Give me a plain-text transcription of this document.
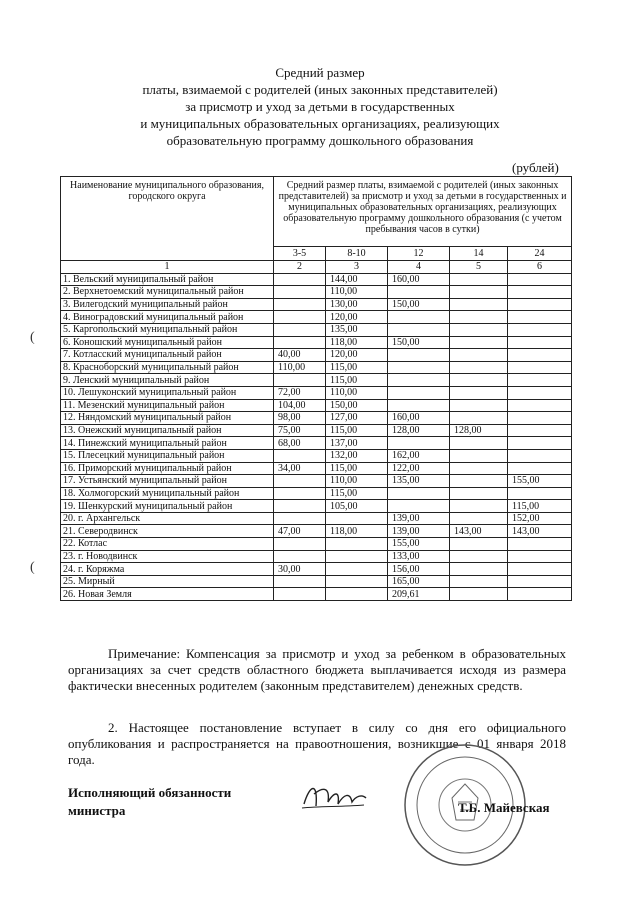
Средний размер
платы, взимаемой с родителей (иных законных представителей)
за присмотр и уход за детьми в государственных
и муниципальных образовательных организациях, реализующих
образовательную программу дошкольного образования
(рублей)
(
(
Наименование муниципального образования, городского округа	Средний размер платы, взимаемой с родителей (иных законных представителей) за присмотр и уход за детьми в государственных и муниципальных образовательных организациях, реализующих образовательную программу дошкольного образования (с учетом пребывания часов в сутки)				
	3-5	8-10	12	14	24
1	2	3	4	5	6
1. Вельский муниципальный район		144,00	160,00		
2. Верхнетоемский муниципальный район		110,00			
3. Вилегодский муниципальный район		130,00	150,00		
4. Виноградовский муниципальный район		120,00			
5. Каргопольский муниципальный район		135,00			
6. Коношский муниципальный район		118,00	150,00		
7. Котласский муниципальный район	40,00	120,00			
8. Красноборский муниципальный район	110,00	115,00			
9. Ленский муниципальный район		115,00			
10. Лешуконский муниципальный район	72,00	110,00			
11. Мезенский муниципальный район	104,00	150,00			
12. Няндомский муниципальный район	98,00	127,00	160,00		
13. Онежский муниципальный район	75,00	115,00	128,00	128,00	
14. Пинежский муниципальный район	68,00	137,00			
15. Плесецкий муниципальный район		132,00	162,00		
16. Приморский муниципальный район	34,00	115,00	122,00		
17. Устьянский муниципальный район		110,00	135,00		155,00
18. Холмогорский муниципальный район		115,00			
19. Шенкурский муниципальный район		105,00			115,00
20. г. Архангельск			139,00		152,00
21. Северодвинск	47,00	118,00	139,00	143,00	143,00
22. Котлас			155,00		
23. г. Новодвинск			133,00		
24. г. Коряжма	30,00		156,00		
25. Мирный			165,00		
26. Новая Земля			209,61		
Примечание: Компенсация за присмотр и уход за ребенком в образовательных организациях за счет средств областного бюджета выплачивается исходя из размера фактически внесенных родителем (законным представителем) денежных средств.
2. Настоящее постановление вступает в силу со дня его официального опубликования и распространяется на правоотношения, возникшие с 01 января 2018 года.
Исполняющий обязанности
министра	Т.Б. Майевская
